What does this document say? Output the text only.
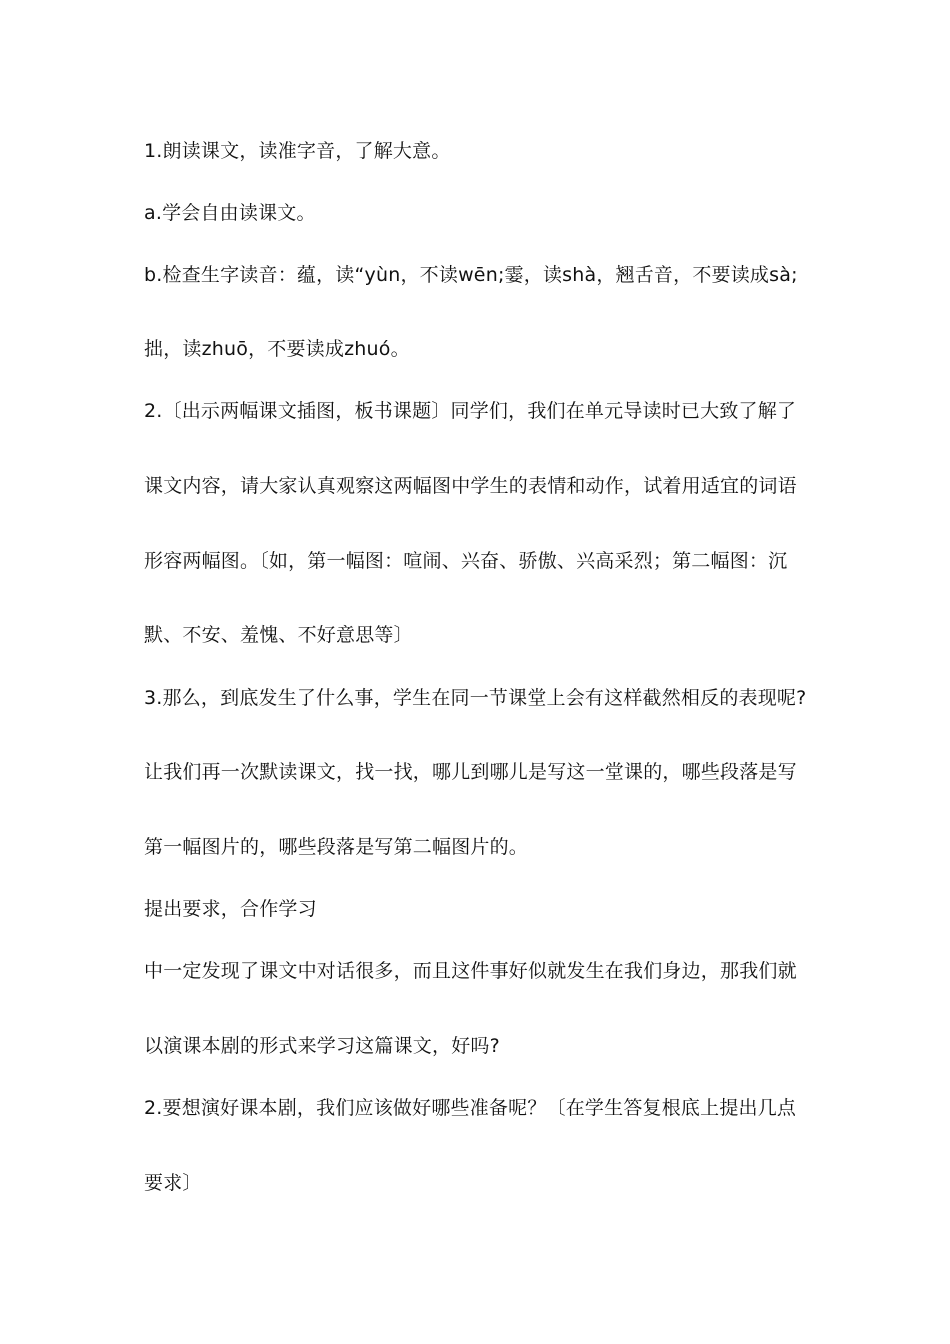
1.朗读课文，读准字音，了解大意。
a.学会自由读课文。
b.检查生字读音：蕴，读“yùn，不读wēn;霎，读shà，翘舌音，不要读成sà;
拙，读zhuō，不要读成zhuó。
2.〔出示两幅课文插图，板书课题〕同学们，我们在单元导读时已大致了解了
课文内容，请大家认真观察这两幅图中学生的表情和动作，试着用适宜的词语
形容两幅图。〔如，第一幅图：喧闹、兴奋、骄傲、兴高采烈；第二幅图：沉
默、不安、羞愧、不好意思等〕
3.那么，到底发生了什么事，学生在同一节课堂上会有这样截然相反的表现呢?
让我们再一次默读课文，找一找，哪儿到哪儿是写这一堂课的，哪些段落是写
第一幅图片的，哪些段落是写第二幅图片的。
提出要求，合作学习
中一定发现了课文中对话很多，而且这件事好似就发生在我们身边，那我们就
以演课本剧的形式来学习这篇课文，好吗?
2.要想演好课本剧，我们应该做好哪些准备呢？〔在学生答复根底上提出几点
要求〕
